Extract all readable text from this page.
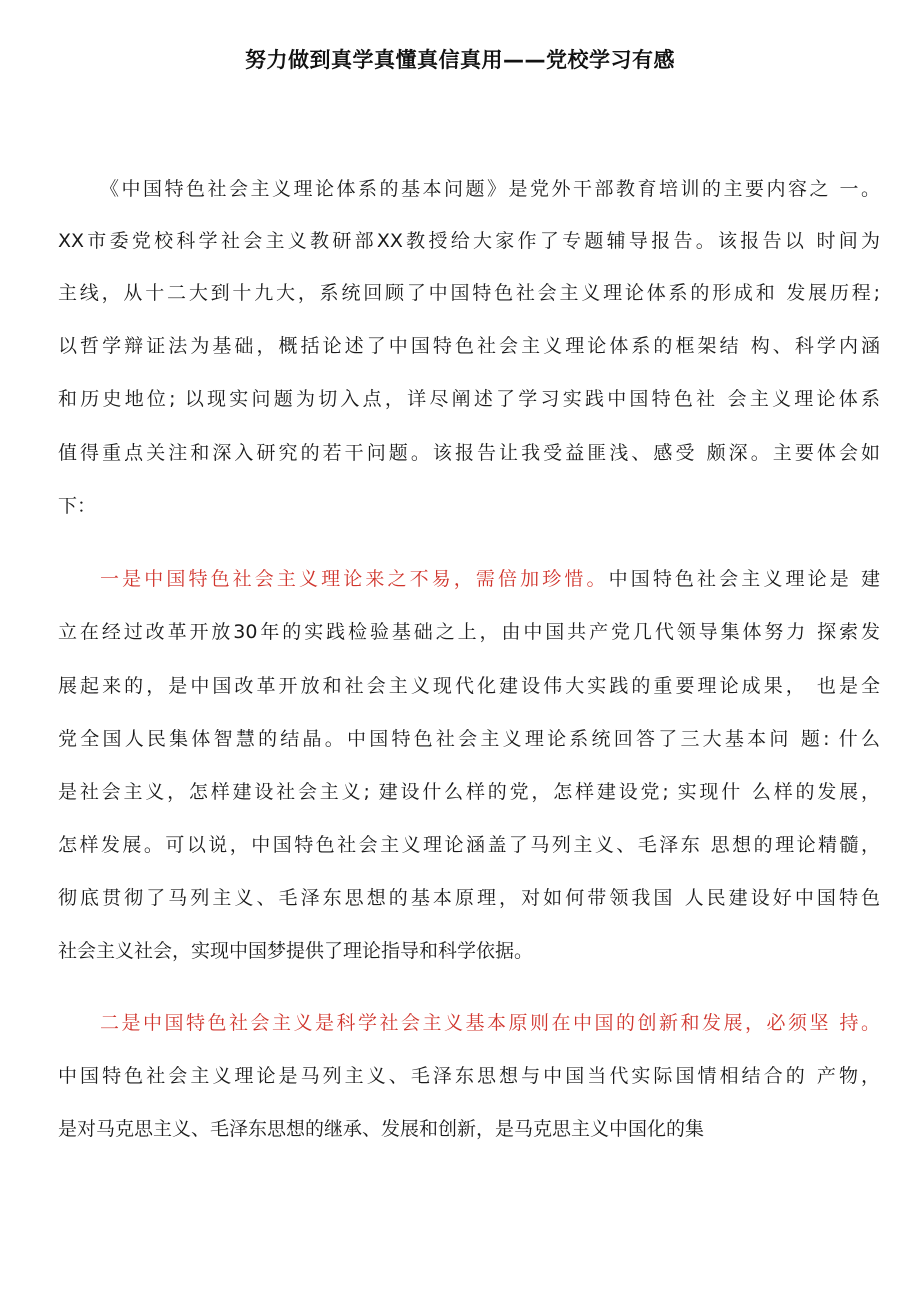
努力做到真学真懂真信真用——党校学习有感
《中国特色社会主义理论体系的基本问题》是党外干部教育培训的主要内容之 一。
XX市委党校科学社会主义教研部XX教授给大家作了专题辅导报告。该报告以 时间为
主线，从十二大到十九大，系统回顾了中国特色社会主义理论体系的形成和 发展历程;
以哲学辩证法为基础，概括论述了中国特色社会主义理论体系的框架结 构、科学内涵
和历史地位; 以现实问题为切入点，详尽阐述了学习实践中国特色社 会主义理论体系
值得重点关注和深入研究的若干问题。该报告让我受益匪浅、感受 颇深。主要体会如
下：
一是中国特色社会主义理论来之不易，需倍加珍惜。中国特色社会主义理论是 建
立在经过改革开放30年的实践检验基础之上，由中国共产党几代领导集体努力 探索发
展起来的，是中国改革开放和社会主义现代化建设伟大实践的重要理论成果， 也是全
党全国人民集体智慧的结晶。中国特色社会主义理论系统回答了三大基本问 题: 什么
是社会主义，怎样建设社会主义; 建设什么样的党，怎样建设党; 实现什 么样的发展，
怎样发展。可以说，中国特色社会主义理论涵盖了马列主义、毛泽东 思想的理论精髓，
彻底贯彻了马列主义、毛泽东思想的基本原理，对如何带领我国 人民建设好中国特色
社会主义社会，实现中国梦提供了理论指导和科学依据。
二是中国特色社会主义是科学社会主义基本原则在中国的创新和发展，必须坚 持。
中国特色社会主义理论是马列主义、毛泽东思想与中国当代实际国情相结合的 产物，
是对马克思主义、毛泽东思想的继承、发展和创新，是马克思主义中国化的集
